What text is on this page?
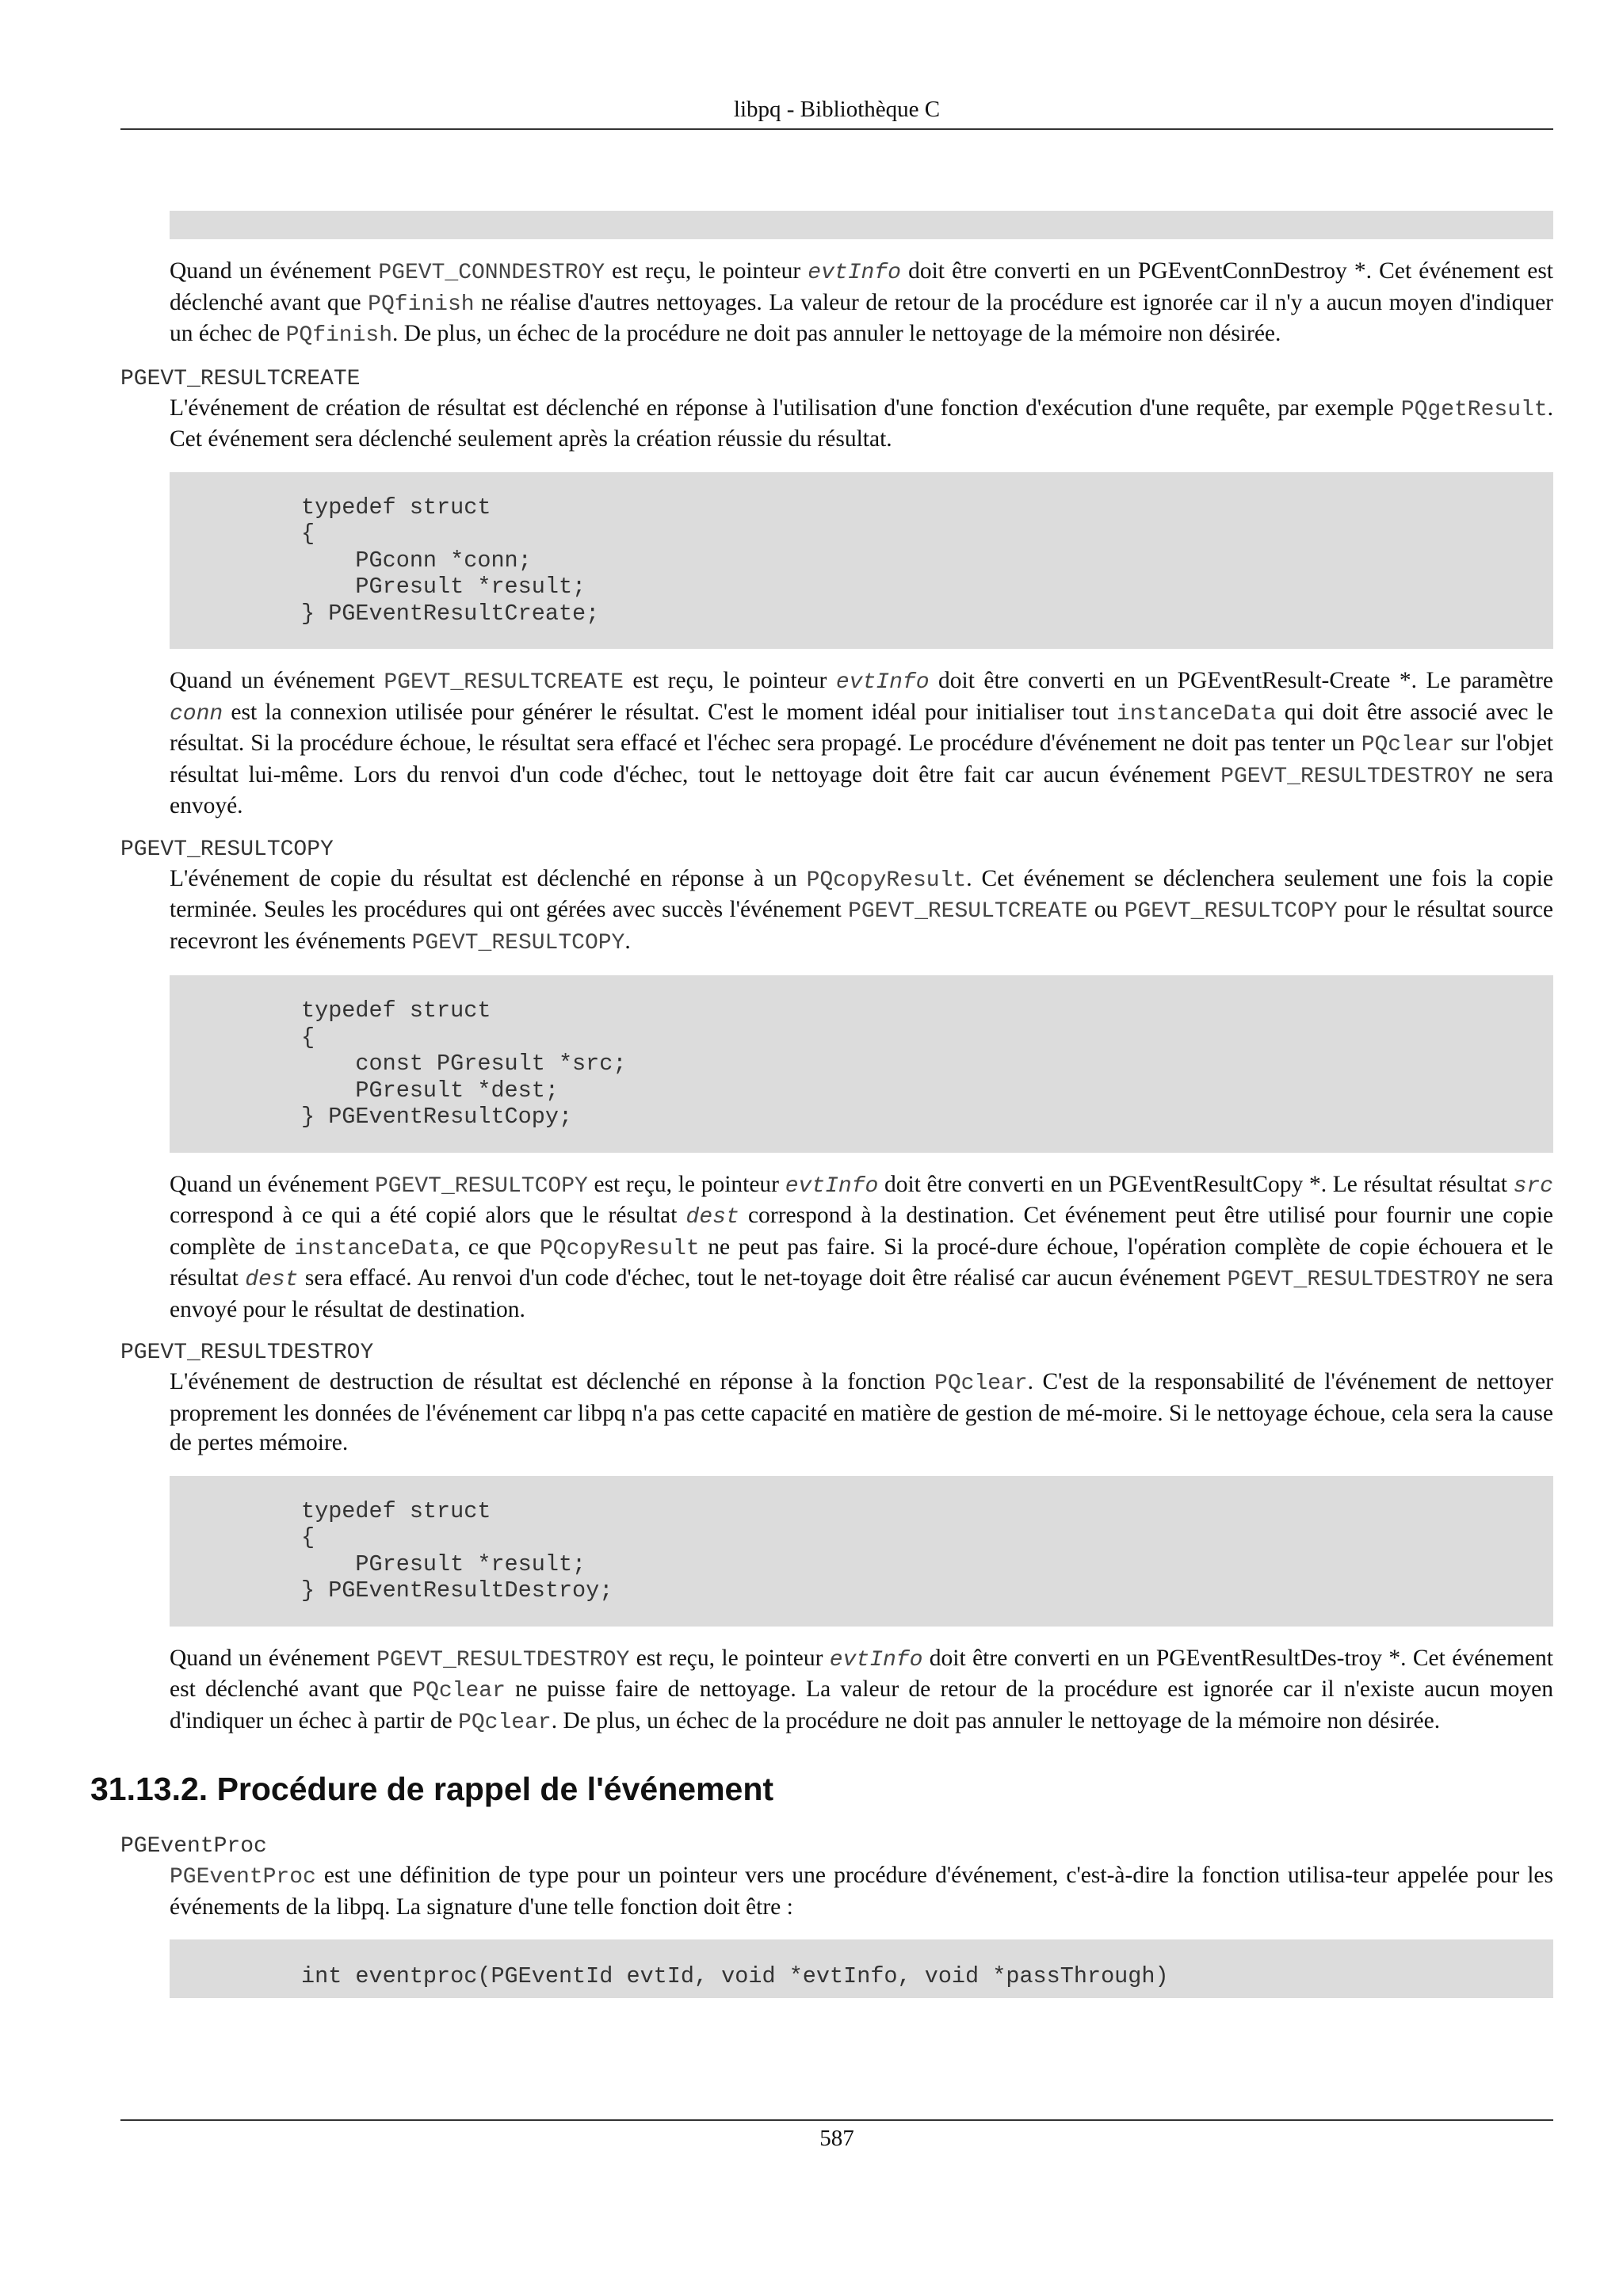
libpq - Bibliothèque C

Quand un événement PGEVT_CONNDESTROY est reçu, le pointeur evtInfo doit être converti en un PGEventConnDestroy *. Cet événement est déclenché avant que PQfinish ne réalise d'autres nettoyages. La valeur de retour de la procédure est ignorée car il n'y a aucun moyen d'indiquer un échec de PQfinish. De plus, un échec de la procédure ne doit pas annuler le nettoyage de la mémoire non désirée.

PGEVT_RESULTCREATE

L'événement de création de résultat est déclenché en réponse à l'utilisation d'une fonction d'exécution d'une requête, par exemple PQgetResult. Cet événement sera déclenché seulement après la création réussie du résultat.

typedef struct
{
PGconn *conn;
PGresult *result;
} PGEventResultCreate;

Quand un événement PGEVT_RESULTCREATE est reçu, le pointeur evtInfo doit être converti en un PGEventResult-Create *. Le paramètre conn est la connexion utilisée pour générer le résultat. C'est le moment idéal pour initialiser tout instanceData qui doit être associé avec le résultat. Si la procédure échoue, le résultat sera effacé et l'échec sera propagé. Le procédure d'événement ne doit pas tenter un PQclear sur l'objet résultat lui-même. Lors du renvoi d'un code d'échec, tout le nettoyage doit être fait car aucun événement PGEVT_RESULTDESTROY ne sera envoyé.

PGEVT_RESULTCOPY

L'événement de copie du résultat est déclenché en réponse à un PQcopyResult. Cet événement se déclenchera seulement une fois la copie terminée. Seules les procédures qui ont gérées avec succès l'événement PGEVT_RESULTCREATE ou PGEVT_RESULTCOPY pour le résultat source recevront les événements PGEVT_RESULTCOPY.

typedef struct
{
const PGresult *src;
PGresult *dest;
} PGEventResultCopy;

Quand un événement PGEVT_RESULTCOPY est reçu, le pointeur evtInfo doit être converti en un PGEventResultCopy *. Le résultat résultat src correspond à ce qui a été copié alors que le résultat dest correspond à la destination. Cet événement peut être utilisé pour fournir une copie complète de instanceData, ce que PQcopyResult ne peut pas faire. Si la procé-dure échoue, l'opération complète de copie échouera et le résultat dest sera effacé. Au renvoi d'un code d'échec, tout le net-toyage doit être réalisé car aucun événement PGEVT_RESULTDESTROY ne sera envoyé pour le résultat de destination.

PGEVT_RESULTDESTROY

L'événement de destruction de résultat est déclenché en réponse à la fonction PQclear. C'est de la responsabilité de l'événement de nettoyer proprement les données de l'événement car libpq n'a pas cette capacité en matière de gestion de mé-moire. Si le nettoyage échoue, cela sera la cause de pertes mémoire.

typedef struct
{
PGresult *result;
} PGEventResultDestroy;

Quand un événement PGEVT_RESULTDESTROY est reçu, le pointeur evtInfo doit être converti en un PGEventResultDes-troy *. Cet événement est déclenché avant que PQclear ne puisse faire de nettoyage. La valeur de retour de la procédure est ignorée car il n'existe aucun moyen d'indiquer un échec à partir de PQclear. De plus, un échec de la procédure ne doit pas annuler le nettoyage de la mémoire non désirée.

31.13.2. Procédure de rappel de l'événement
PGEventProc

PGEventProc est une définition de type pour un pointeur vers une procédure d'événement, c'est-à-dire la fonction utilisa-teur appelée pour les événements de la libpq. La signature d'une telle fonction doit être :

int eventproc(PGEventId evtId, void *evtInfo, void *passThrough)
587
